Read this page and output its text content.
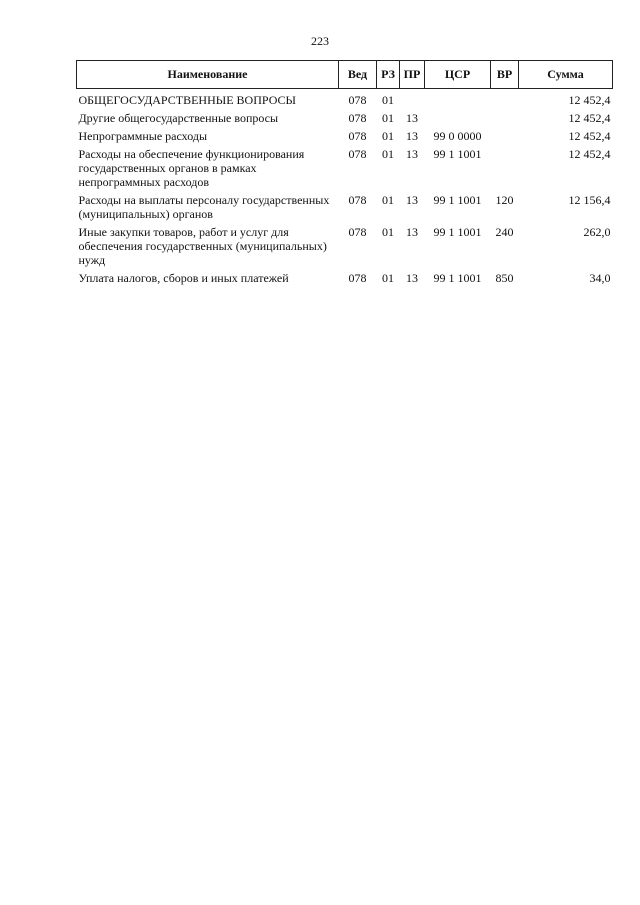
223
Наименование	Вед	РЗ	ПР	ЦСР	ВР	Сумма
ОБЩЕГОСУДАРСТВЕННЫЕ ВОПРОСЫ	078	01				12 452,4
Другие общегосударственные вопросы	078	01	13			12 452,4
Непрограммные расходы	078	01	13	99 0 0000		12 452,4
Расходы на обеспечение функционирования государственных органов в рамках непрограммных расходов	078	01	13	99 1 1001		12 452,4
Расходы на выплаты персоналу государственных (муниципальных) органов	078	01	13	99 1 1001	120	12 156,4
Иные закупки товаров, работ и услуг для обеспечения государственных (муниципальных) нужд	078	01	13	99 1 1001	240	262,0
Уплата налогов, сборов и иных платежей	078	01	13	99 1 1001	850	34,0
